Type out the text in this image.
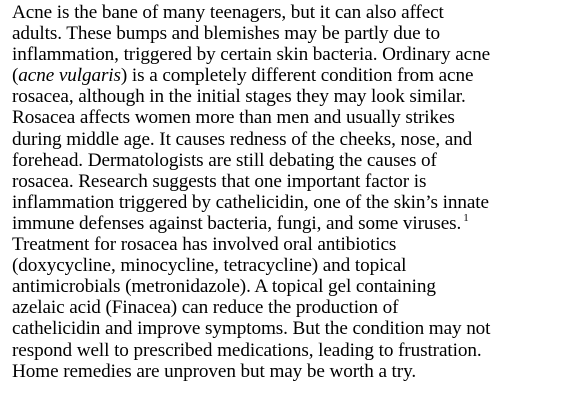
Acne is the bane of many teenagers, but it can also affect
adults. These bumps and blemishes may be partly due to
inflammation, triggered by certain skin bacteria. Ordinary acne
(acne vulgaris) is a completely different condition from acne
rosacea, although in the initial stages they may look similar.
Rosacea affects women more than men and usually strikes
during middle age. It causes redness of the cheeks, nose, and
forehead. Dermatologists are still debating the causes of
rosacea. Research suggests that one important factor is
inflammation triggered by cathelicidin, one of the skin’s innate
immune defenses against bacteria, fungi, and some viruses. $^1$
Treatment for rosacea has involved oral antibiotics
(doxycycline, minocycline, tetracycline) and topical
antimicrobials (metronidazole). A topical gel containing
azelaic acid (Finacea) can reduce the production of
cathelicidin and improve symptoms. But the condition may not
respond well to prescribed medications, leading to frustration.
Home remedies are unproven but may be worth a try.
